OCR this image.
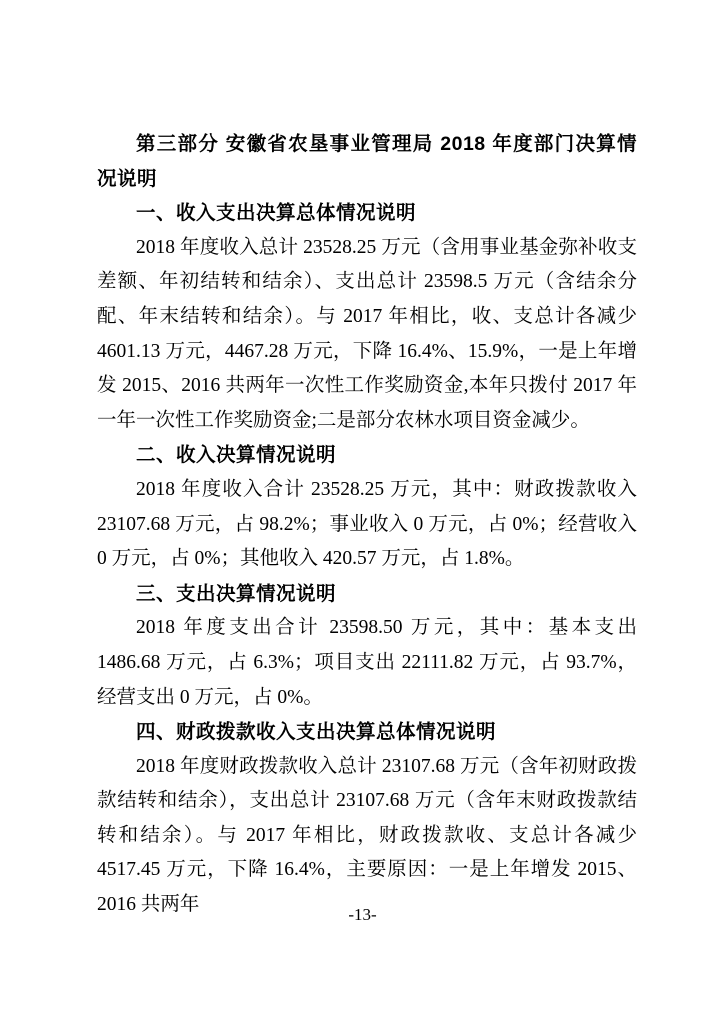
第三部分 安徽省农垦事业管理局 2018 年度部门决算情况说明

一、收入支出决算总体情况说明

2018 年度收入总计 23528.25 万元（含用事业基金弥补收支差额、年初结转和结余）、支出总计 23598.5 万元（含结余分配、年末结转和结余）。与 2017 年相比，收、支总计各减少 4601.13 万元，4467.28 万元，下降 16.4%、15.9%，一是上年增发 2015、2016 共两年一次性工作奖励资金,本年只拨付 2017 年一年一次性工作奖励资金;二是部分农林水项目资金减少。

二、收入决算情况说明

2018 年度收入合计 23528.25 万元，其中：财政拨款收入 23107.68 万元，占 98.2%；事业收入 0 万元，占 0%；经营收入 0 万元，占 0%；其他收入 420.57 万元，占 1.8%。

三、支出决算情况说明

2018 年度支出合计 23598.50 万元，其中：基本支出 1486.68 万元，占 6.3%；项目支出 22111.82 万元，占 93.7%，经营支出 0 万元，占 0%。

四、财政拨款收入支出决算总体情况说明

2018 年度财政拨款收入总计 23107.68 万元（含年初财政拨款结转和结余），支出总计 23107.68 万元（含年末财政拨款结转和结余）。与 2017 年相比，财政拨款收、支总计各减少 4517.45 万元，下降 16.4%，主要原因：一是上年增发 2015、2016 共两年	-13-
